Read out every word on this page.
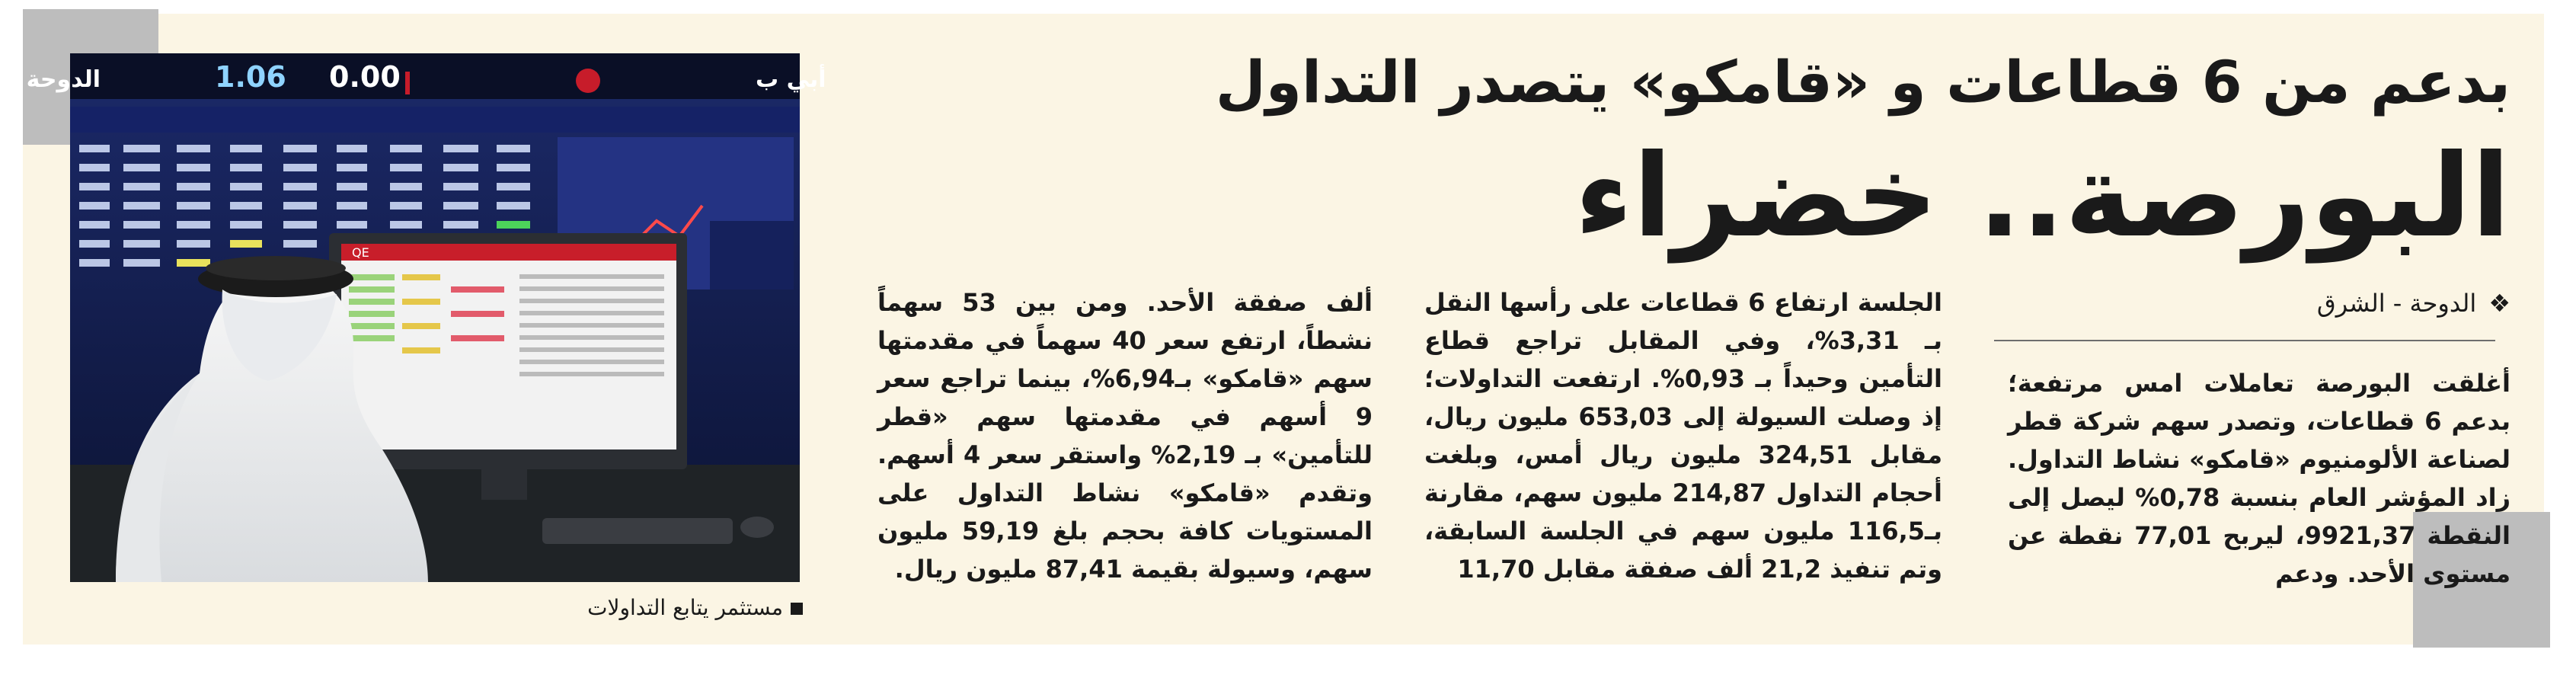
بدعم من 6 قطاعات و «قامكو» يتصدر التداول
البورصة.. خضراء
❖الدوحة - الشرق
أغلقت البورصة تعاملات امس مرتفعة؛ بدعم 6 قطاعات، وتصدر سهم شركة قطر لصناعة الألومنيوم «قامكو» نشاط التداول. زاد المؤشر العام بنسبة 0,78% ليصل إلى النقطة 9921,37، ليربح 77,01 نقطة عن مستوى الأحد. ودعم
الجلسة ارتفاع 6 قطاعات على رأسها النقل بـ 3,31%، وفي المقابل تراجع قطاع التأمين وحيداً بـ 0,93%. ارتفعت التداولات؛ إذ وصلت السيولة إلى 653,03 مليون ريال، مقابل 324,51 مليون ريال أمس، وبلغت أحجام التداول 214,87 مليون سهم، مقارنة بـ116,5 مليون سهم في الجلسة السابقة، وتم تنفيذ 21,2 ألف صفقة مقابل 11,70
ألف صفقة الأحد. ومن بين 53 سهماً نشطاً، ارتفع سعر 40 سهماً في مقدمتها سهم «قامكو» بـ6,94%، بينما تراجع سعر 9 أسهم في مقدمتها سهم «قطر للتأمين» بـ 2,19% واستقر سعر 4 أسهم. وتقدم «قامكو» نشاط التداول على المستويات كافة بحجم بلغ 59,19 مليون سهم، وسيولة بقيمة 87,41 مليون ريال.
1.06 0.00
الدوحة	أبي ب
QE
مستثمر يتابع التداولات
